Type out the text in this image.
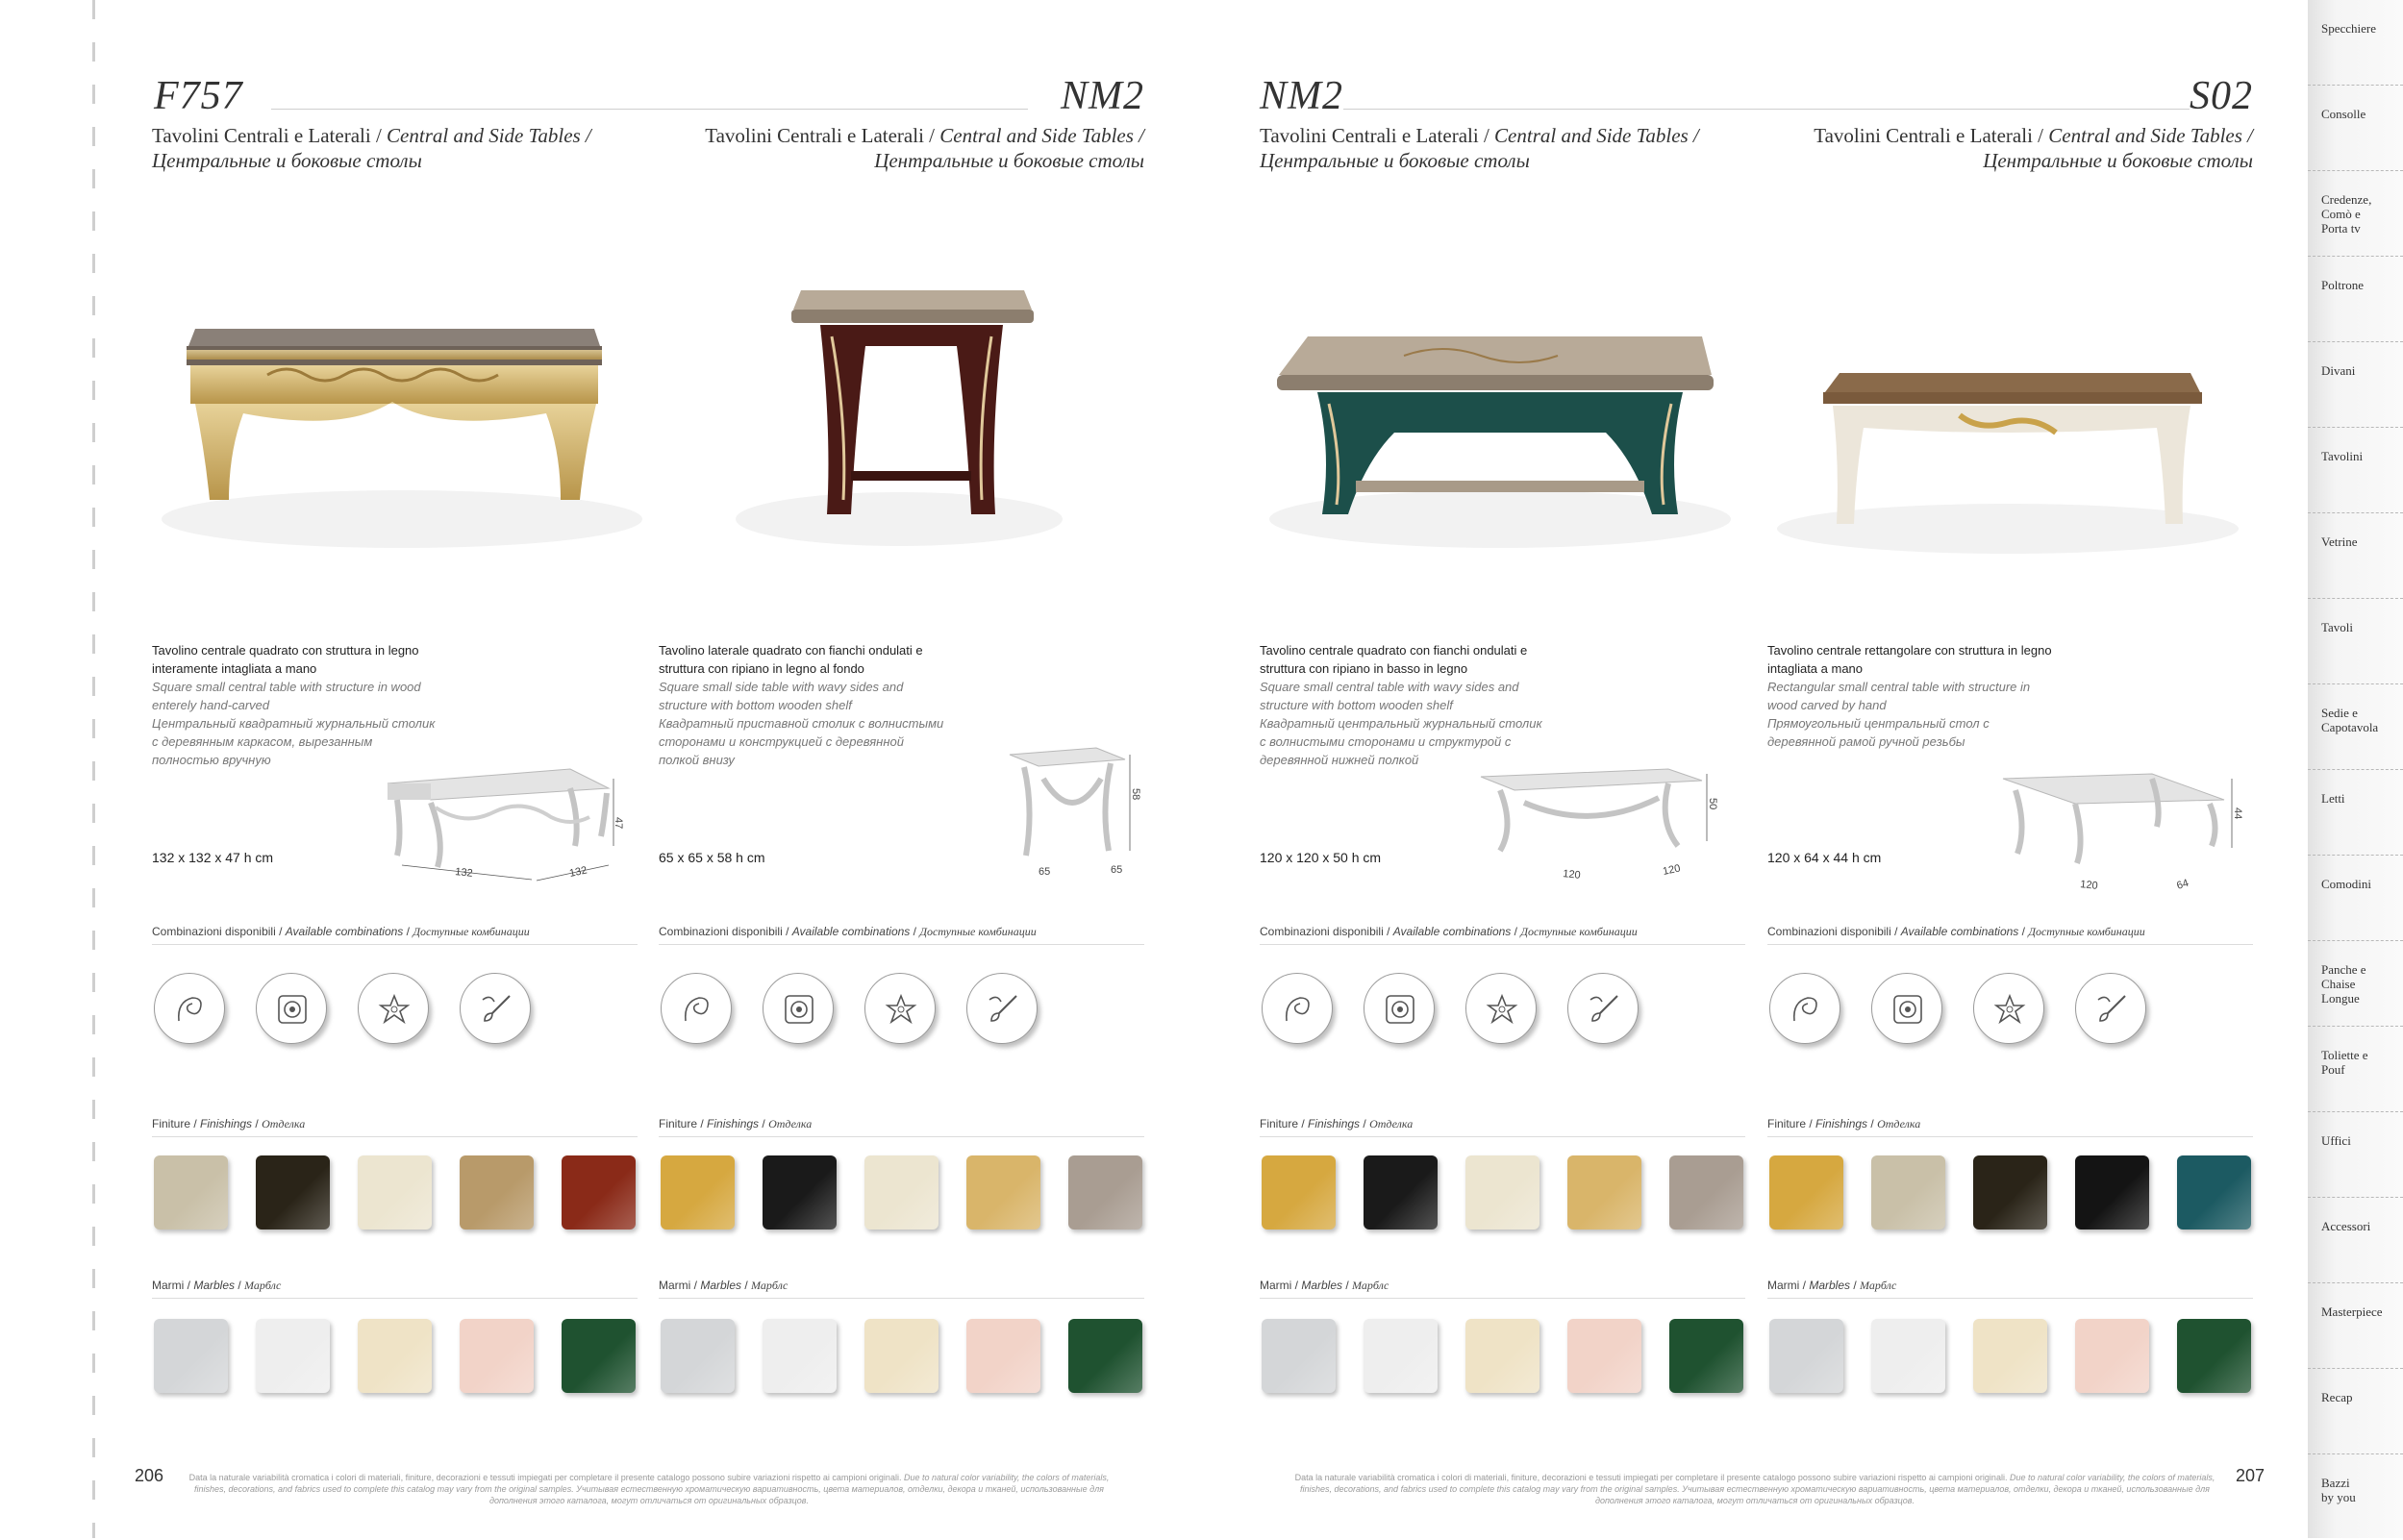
Specchiere
Consolle
Credenze, Comò e Porta tv
Poltrone
Divani
Tavolini
Vetrine
Tavoli
Sedie e Capotavola
Letti
Comodini
Panche e Chaise Longue
Toliette e Pouf
Uffici
Accessori
Masterpiece
Recap
Bazzi by you
F757
Tavolini Centrali e Laterali / Central and Side Tables /
Центральные и боковые столы
Tavolino centrale quadrato con struttura in legno interamente intagliata a mano
Square small central table with structure in wood enterely hand-carved
Центральный квадратный журнальный столик с деревянным каркасом, вырезанным полностью вручную
132 x 132 x 47 h cm
47
132	132
Combinazioni disponibili / Available combinations / Доступные комбинации
Finiture / Finishings / Отделка
Marmi / Marbles / Марблс
NM2
Tavolini Centrali e Laterali / Central and Side Tables /
Центральные и боковые столы
Tavolino laterale quadrato con fianchi ondulati e struttura con ripiano in legno al fondo
Square small side table with wavy sides and structure with bottom wooden shelf
Квадратный приставной столик с волнистыми сторонами и конструкцией с деревянной полкой внизу
65 x 65 x 58 h cm
58
65	65
Combinazioni disponibili / Available combinations / Доступные комбинации
Finiture / Finishings / Отделка
Marmi / Marbles / Марблс
NM2
Tavolini Centrali e Laterali / Central and Side Tables /
Центральные и боковые столы
Tavolino centrale quadrato con fianchi ondulati e struttura con ripiano in basso in legno
Square small central table with wavy sides and structure with bottom wooden shelf
Квадратный центральный журнальный столик с волнистыми сторонами и структурой с деревянной нижней полкой
120 x 120 x 50 h cm
50
120	120
Combinazioni disponibili / Available combinations / Доступные комбинации
Finiture / Finishings / Отделка
Marmi / Marbles / Марблс
S02
Tavolini Centrali e Laterali / Central and Side Tables /
Центральные и боковые столы
Tavolino centrale rettangolare con struttura in legno intagliata a mano
Rectangular small central table with structure in wood carved by hand
Прямоугольный центральный стол с деревянной рамой ручной резьбы
120 x 64 x 44 h cm
44
120	64
Combinazioni disponibili / Available combinations / Доступные комбинации
Finiture / Finishings / Отделка
Marmi / Marbles / Марблс
206	207
Data la naturale variabilità cromatica i colori di materiali, finiture, decorazioni e tessuti impiegati per completare il presente catalogo possono subire variazioni rispetto ai campioni originali. Due to natural color variability, the colors of materials, finishes, decorations, and fabrics used to complete this catalog may vary from the original samples. Учитывая естественную хроматическую вариативность, цвета материалов, отделки, декора и тканей, использованные для дополнения этого каталога, могут отличаться от оригинальных образцов.
Data la naturale variabilità cromatica i colori di materiali, finiture, decorazioni e tessuti impiegati per completare il presente catalogo possono subire variazioni rispetto ai campioni originali. Due to natural color variability, the colors of materials, finishes, decorations, and fabrics used to complete this catalog may vary from the original samples. Учитывая естественную хроматическую вариативность, цвета материалов, отделки, декора и тканей, использованные для дополнения этого каталога, могут отличаться от оригинальных образцов.
